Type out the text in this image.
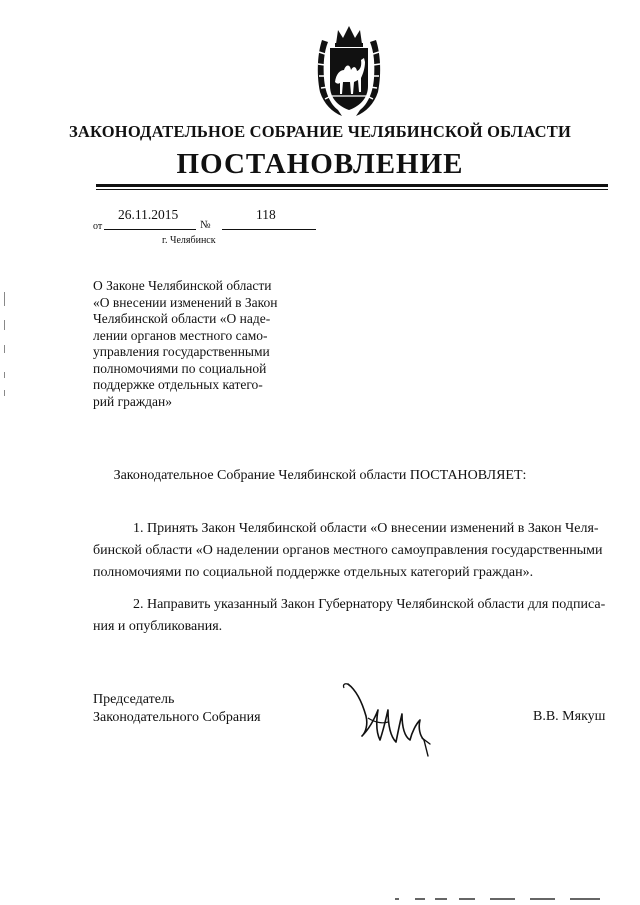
ЗАКОНОДАТЕЛЬНОЕ СОБРАНИЕ ЧЕЛЯБИНСКОЙ ОБЛАСТИ
ПОСТАНОВЛЕНИЕ
от
26.11.2015
№
118
г. Челябинск
О Законе Челябинской области
«О внесении изменений в Закон
Челябинской области «О наде-
лении органов местного само-
управления государственными
полномочиями по социальной
поддержке отдельных катего-
рий граждан»
Законодательное Собрание Челябинской области ПОСТАНОВЛЯЕТ:
1. Принять Закон Челябинской области «О внесении изменений в Закон Челя-
бинской области «О наделении органов местного самоуправления государственными
полномочиями по социальной поддержке отдельных категорий граждан».
2. Направить указанный Закон Губернатору Челябинской области для подписа-
ния и опубликования.
Председатель
Законодательного Собрания	В.В. Мякуш
